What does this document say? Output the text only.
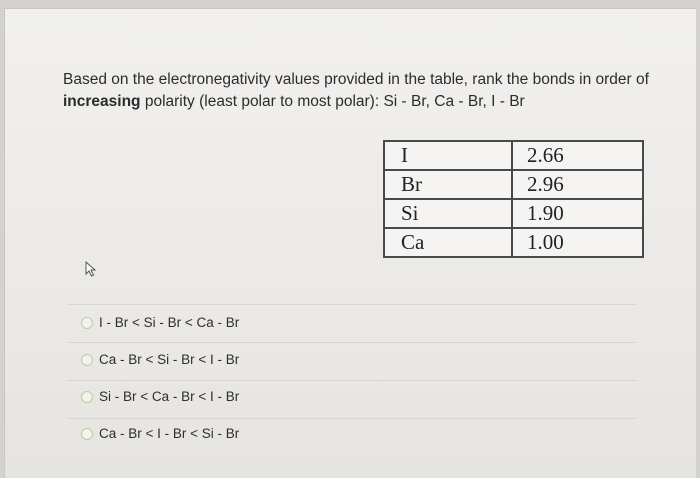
Based on the electronegativity values provided in the table, rank the bonds in order of increasing polarity (least polar to most polar): Si - Br, Ca - Br, I - Br

I	2.66
Br	2.96
Si	1.90
Ca	1.00
I - Br < Si - Br < Ca - Br
Ca - Br < Si - Br < I - Br
Si - Br < Ca - Br < I - Br
Ca - Br < I - Br < Si - Br
